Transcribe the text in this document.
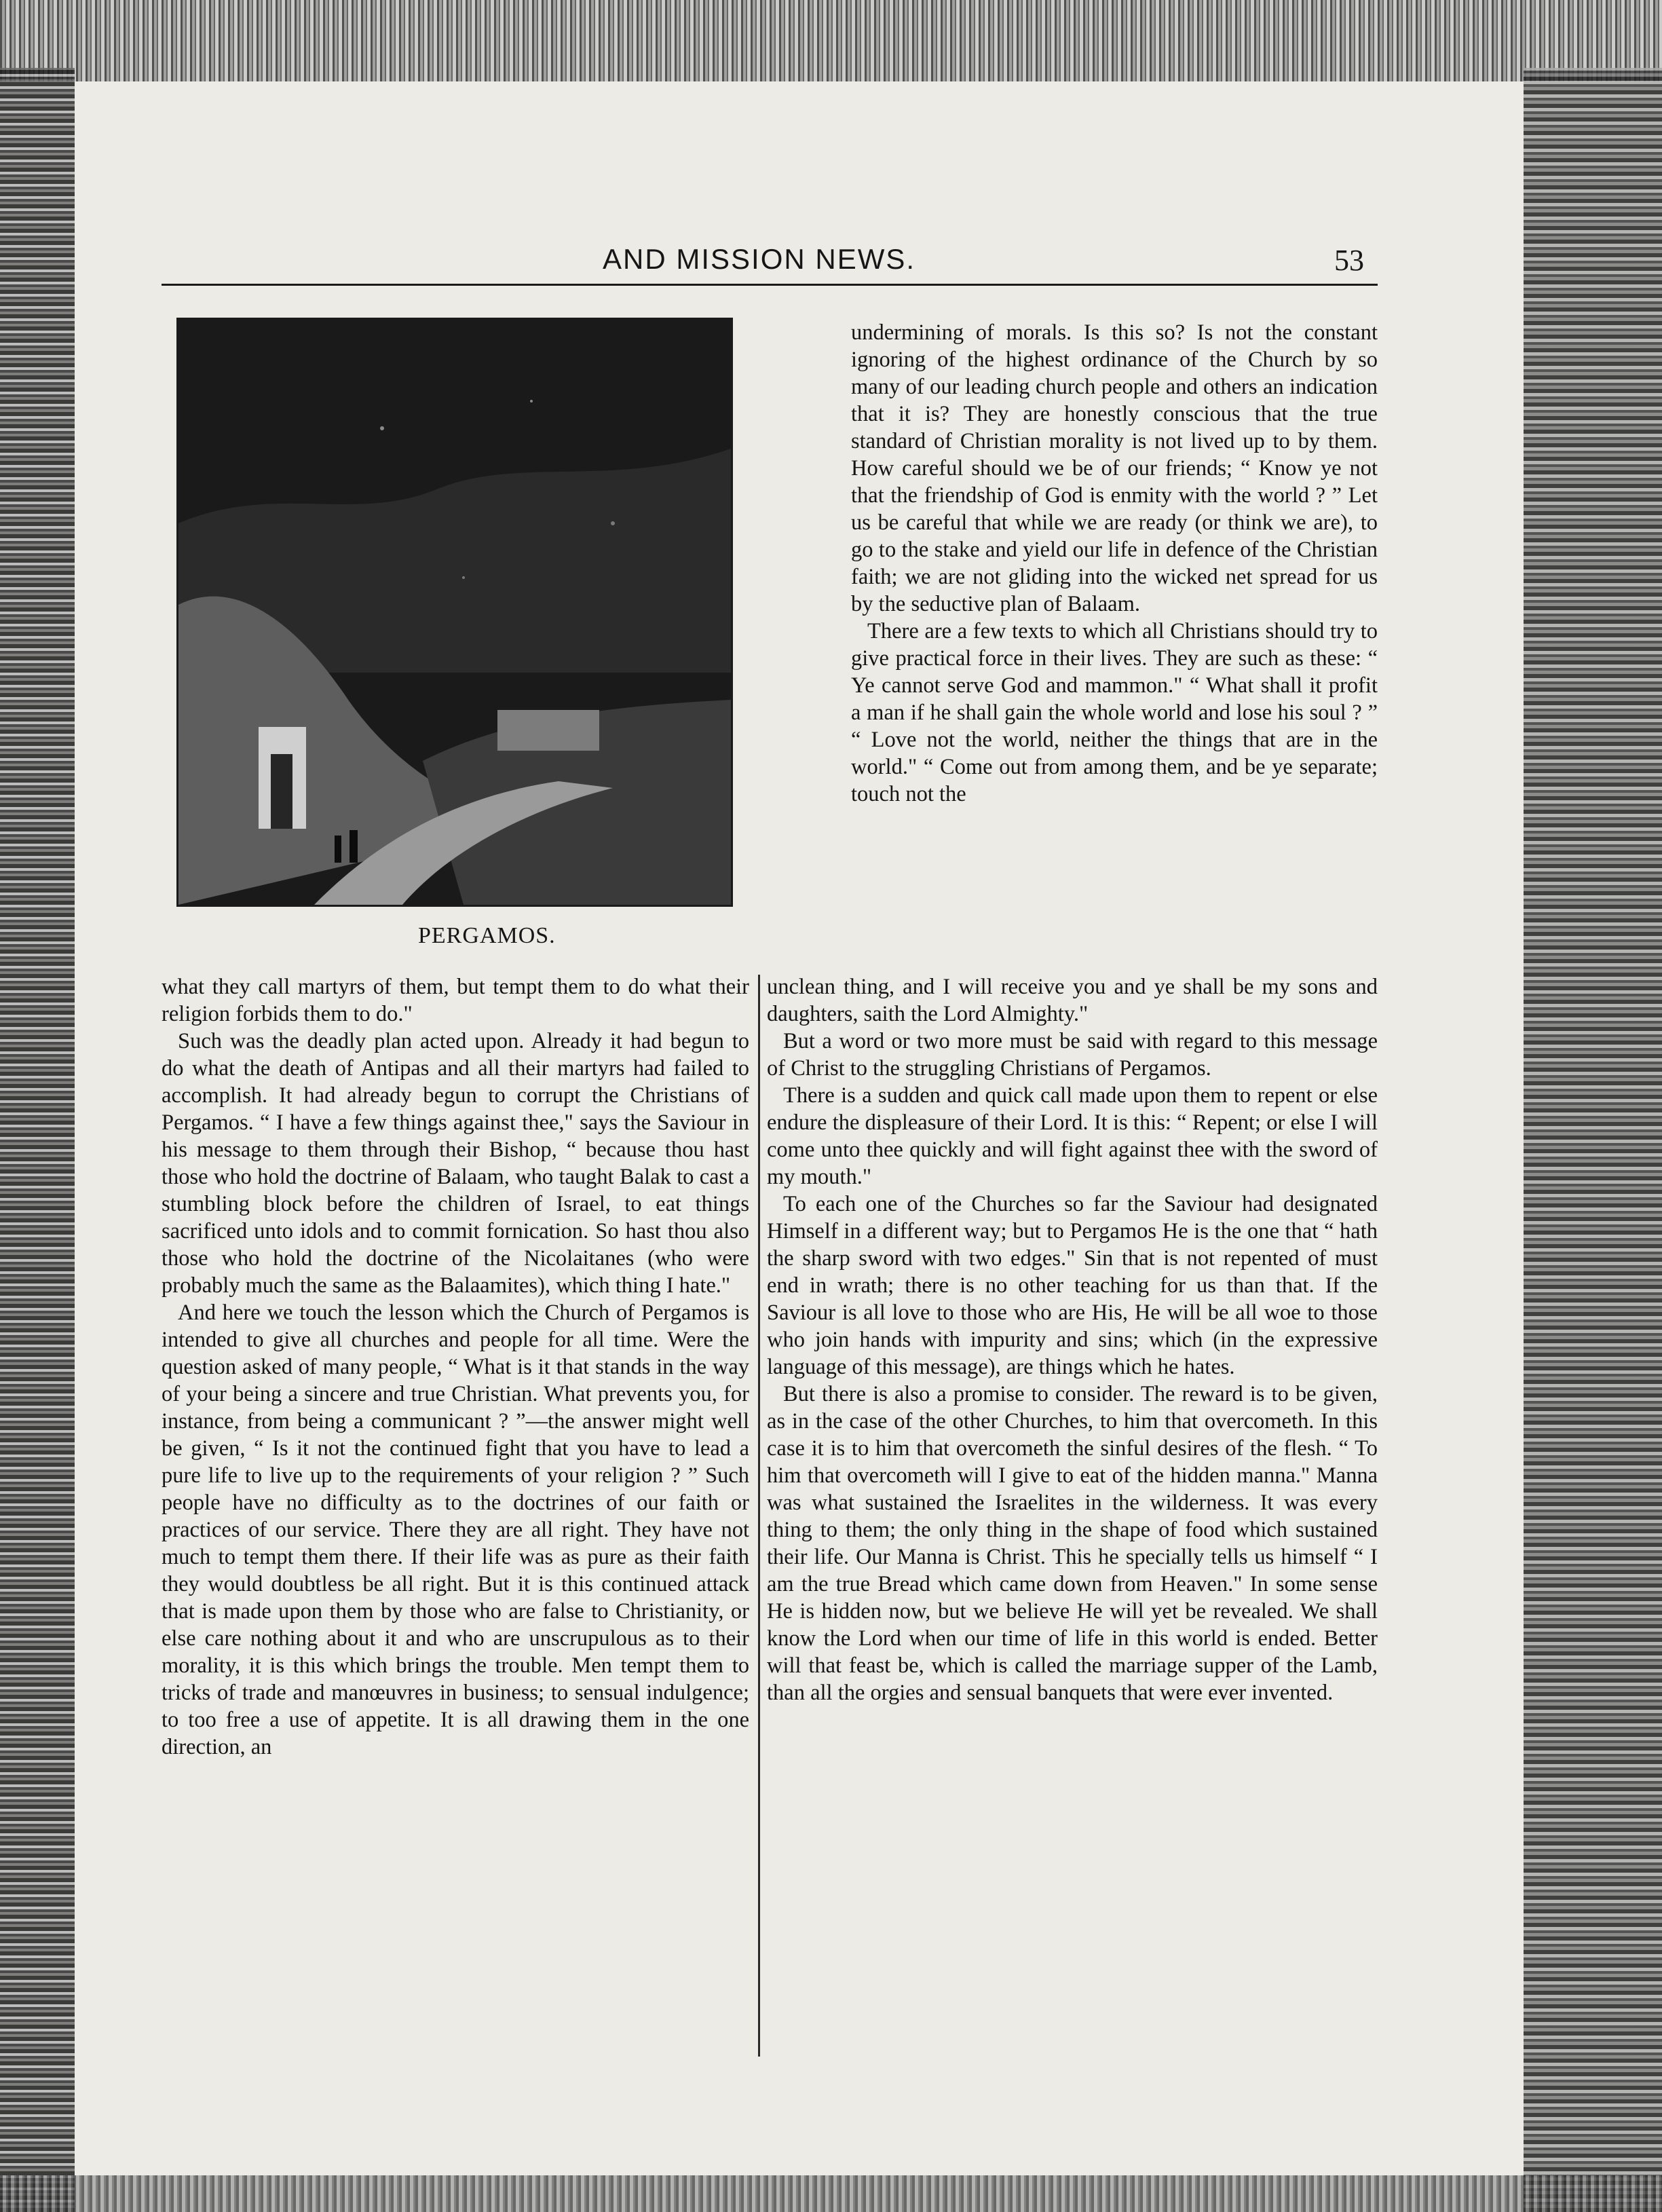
AND MISSION NEWS.	53
PERGAMOS.

undermining of morals. Is this so? Is not the constant ignoring of the highest ordinance of the Church by so many of our leading church people and others an indication that it is? They are honestly conscious that the true standard of Christian morality is not lived up to by them. How careful should we be of our friends; “ Know ye not that the friendship of God is enmity with the world ? ” Let us be careful that while we are ready (or think we are), to go to the stake and yield our life in defence of the Christian faith; we are not gliding into the wicked net spread for us by the seductive plan of Balaam.

There are a few texts to which all Christians should try to give practical force in their lives. They are such as these: “ Ye cannot serve God and mammon." “ What shall it profit a man if he shall gain the whole world and lose his soul ? ” “ Love not the world, neither the things that are in the world." “ Come out from among them, and be ye separate; touch not the

what they call martyrs of them, but tempt them to do what their religion forbids them to do."

Such was the deadly plan acted upon. Already it had begun to do what the death of Antipas and all their martyrs had failed to accomplish. It had already begun to corrupt the Christians of Pergamos. “ I have a few things against thee," says the Saviour in his message to them through their Bishop, “ because thou hast those who hold the doctrine of Balaam, who taught Balak to cast a stumbling block before the children of Israel, to eat things sacrificed unto idols and to commit fornication. So hast thou also those who hold the doctrine of the Nicolaitanes (who were probably much the same as the Balaamites), which thing I hate."

And here we touch the lesson which the Church of Pergamos is intended to give all churches and people for all time. Were the question asked of many people, “ What is it that stands in the way of your being a sincere and true Christian. What prevents you, for instance, from being a communicant ? ”—the answer might well be given, “ Is it not the continued fight that you have to lead a pure life to live up to the requirements of your religion ? ” Such people have no difficulty as to the doctrines of our faith or practices of our service. There they are all right. They have not much to tempt them there. If their life was as pure as their faith they would doubtless be all right. But it is this continued attack that is made upon them by those who are false to Christianity, or else care nothing about it and who are unscrupulous as to their morality, it is this which brings the trouble. Men tempt them to tricks of trade and manœuvres in business; to sensual indulgence; to too free a use of appetite. It is all drawing them in the one direction, an

unclean thing, and I will receive you and ye shall be my sons and daughters, saith the Lord Almighty."

But a word or two more must be said with regard to this message of Christ to the struggling Christians of Pergamos.

There is a sudden and quick call made upon them to repent or else endure the displeasure of their Lord. It is this: “ Repent; or else I will come unto thee quickly and will fight against thee with the sword of my mouth."

To each one of the Churches so far the Saviour had designated Himself in a different way; but to Pergamos He is the one that “ hath the sharp sword with two edges." Sin that is not repented of must end in wrath; there is no other teaching for us than that. If the Saviour is all love to those who are His, He will be all woe to those who join hands with impurity and sins; which (in the expressive language of this message), are things which he hates.

But there is also a promise to consider. The reward is to be given, as in the case of the other Churches, to him that overcometh. In this case it is to him that overcometh the sinful desires of the flesh. “ To him that overcometh will I give to eat of the hidden manna." Manna was what sustained the Israelites in the wilderness. It was every thing to them; the only thing in the shape of food which sustained their life. Our Manna is Christ. This he specially tells us himself “ I am the true Bread which came down from Heaven." In some sense He is hidden now, but we believe He will yet be revealed. We shall know the Lord when our time of life in this world is ended. Better will that feast be, which is called the marriage supper of the Lamb, than all the orgies and sensual banquets that were ever invented.
